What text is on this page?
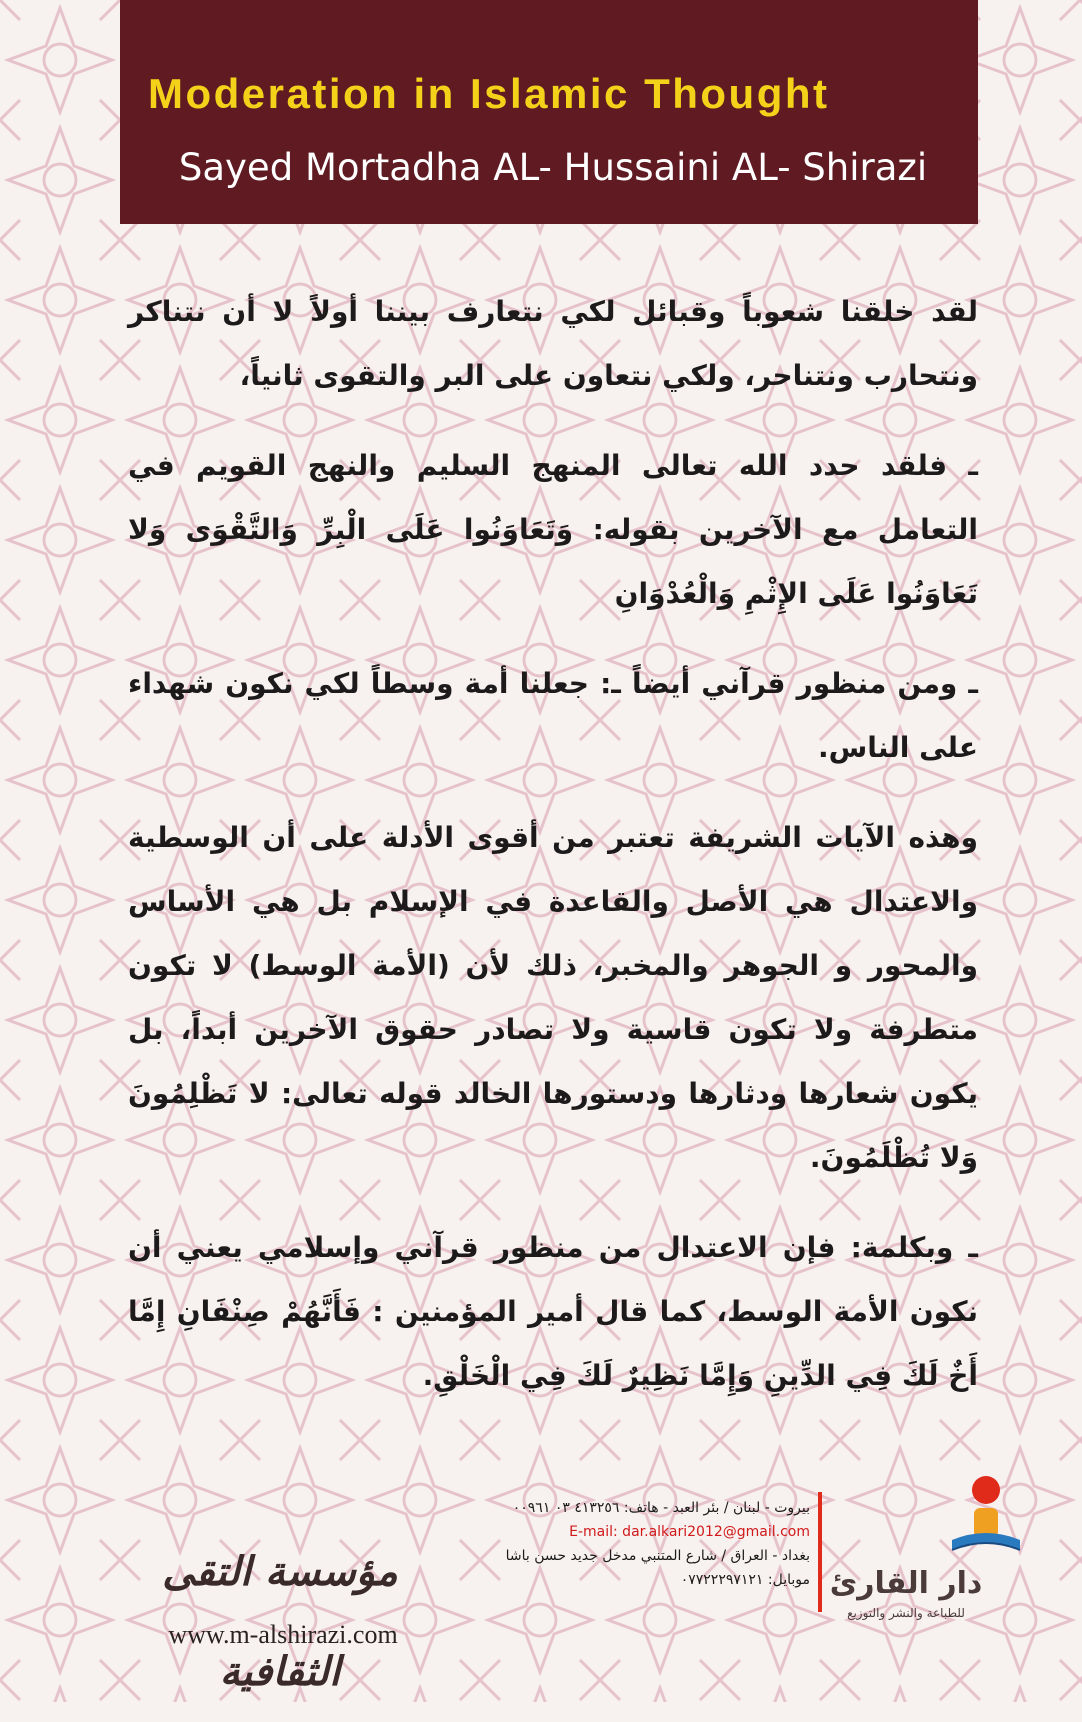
Moderation in Islamic Thought
Sayed Mortadha AL- Hussaini AL- Shirazi

لقد خلقنا شعوباً وقبائل لكي نتعارف بيننا أولاً لا أن نتناكر ونتحارب ونتناحر، ولكي نتعاون على البر والتقوى ثانياً،

ـ فلقد حدد الله تعالى المنهج السليم والنهج القويم في التعامل مع الآخرين بقوله: وَتَعَاوَنُوا عَلَى الْبِرِّ وَالتَّقْوَى وَلا تَعَاوَنُوا عَلَى الإِثْمِ وَالْعُدْوَانِ

ـ ومن منظور قرآني أيضاً ـ: جعلنا أمة وسطاً لكي نكون شهداء على الناس.

وهذه الآيات الشريفة تعتبر من أقوى الأدلة على أن الوسطية والاعتدال هي الأصل والقاعدة في الإسلام بل هي الأساس والمحور و الجوهر والمخبر، ذلك لأن (الأمة الوسط) لا تكون متطرفة ولا تكون قاسية ولا تصادر حقوق الآخرين أبداً، بل يكون شعارها ودثارها ودستورها الخالد قوله تعالى: لا تَظْلِمُونَ وَلا تُظْلَمُونَ.

ـ وبكلمة: فإن الاعتدال من منظور قرآني وإسلامي يعني أن نكون الأمة الوسط، كما قال أمير المؤمنين : فَأَنَّهُمْ صِنْفَانِ إِمَّا أَخٌ لَكَ فِي الدِّينِ وَإِمَّا نَظِيرٌ لَكَ فِي الْخَلْقِ.

مؤسسة التقى الثقافية
www.m-alshirazi.com
بيروت - لبنان / بئر العبد - هاتف: ٤١٣٢٥٦ ٠٣ ٠٠٩٦١
E-mail: dar.alkari2012@gmail.com
بغداد - العراق / شارع المتنبي مدخل جديد حسن باشا
موبايل: ٠٧٧٢٢٢٩٧١٢١ دار القارئ
للطباعة والنشر والتوزيع
